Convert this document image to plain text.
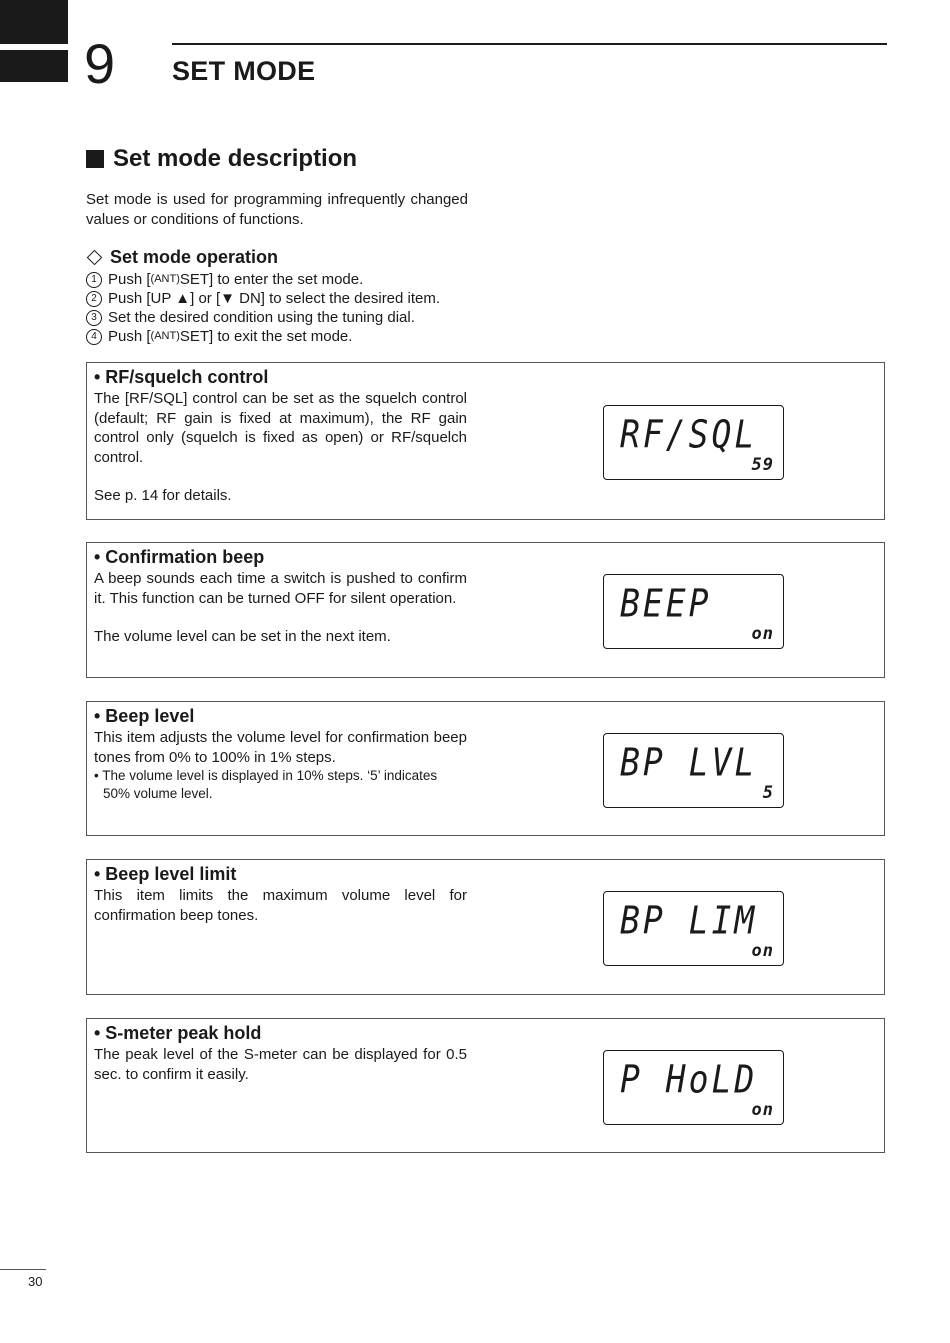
9 SET MODE
Set mode description
Set mode is used for programming infrequently changed values or conditions of functions.
Set mode operation
1 Push [ (ANT) SET] to enter the set mode.
2 Push [UP ▲] or [▼ DN] to select the desired item.
3 Set the desired condition using the tuning dial.
4 Push [ (ANT) SET] to exit the set mode.
• RF/squelch control

The [RF/SQL] control can be set as the squelch control (default; RF gain is fixed at maximum), the RF gain control only (squelch is fixed as open) or RF/squelch control.

See p. 14 for details.

RF/SQL
59
• Confirmation beep

A beep sounds each time a switch is pushed to confirm it. This function can be turned OFF for silent operation.

The volume level can be set in the next item.

BEEP
on
• Beep level

This item adjusts the volume level for confirmation beep tones from 0% to 100% in 1% steps.

• The volume level is displayed in 10% steps. ‘5’ indicates 50% volume level.

BP LVL
5
• Beep level limit

This item limits the maximum volume level for confirmation beep tones.	BP LIM
on
• S-meter peak hold

The peak level of the S-meter can be displayed for 0.5 sec. to confirm it easily.	P HoLD
on
30
